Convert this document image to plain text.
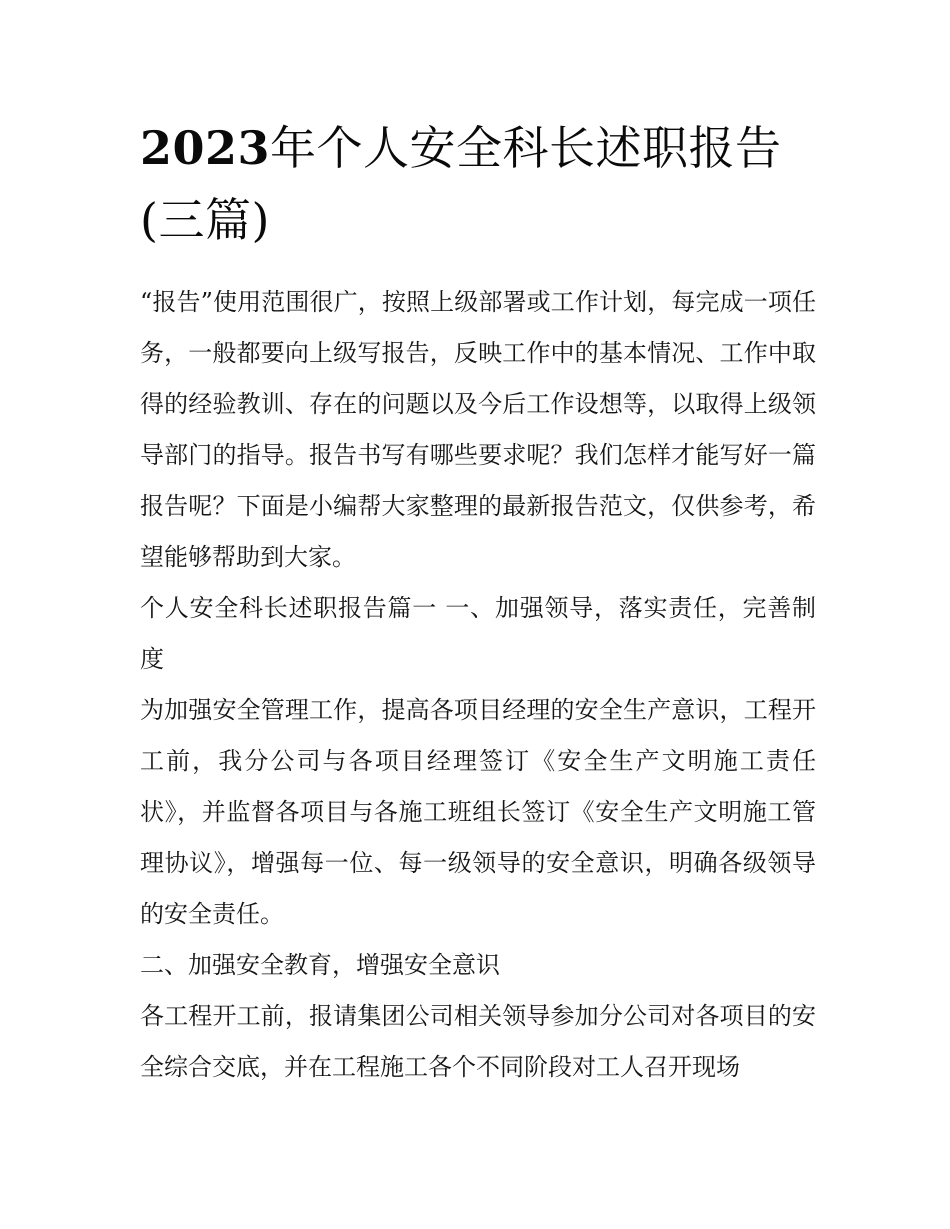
2023年个人安全科长述职报告(三篇)

“报告”使用范围很广，按照上级部署或工作计划，每完成一项任务，一般都要向上级写报告，反映工作中的基本情况、工作中取得的经验教训、存在的问题以及今后工作设想等，以取得上级领导部门的指导。报告书写有哪些要求呢？我们怎样才能写好一篇报告呢？下面是小编帮大家整理的最新报告范文，仅供参考，希望能够帮助到大家。

个人安全科长述职报告篇一 一、加强领导，落实责任，完善制度

为加强安全管理工作，提高各项目经理的安全生产意识，工程开工前，我分公司与各项目经理签订《安全生产文明施工责任状》，并监督各项目与各施工班组长签订《安全生产文明施工管理协议》，增强每一位、每一级领导的安全意识，明确各级领导的安全责任。

二、加强安全教育，增强安全意识

各工程开工前，报请集团公司相关领导参加分公司对各项目的安全综合交底，并在工程施工各个不同阶段对工人召开现场
